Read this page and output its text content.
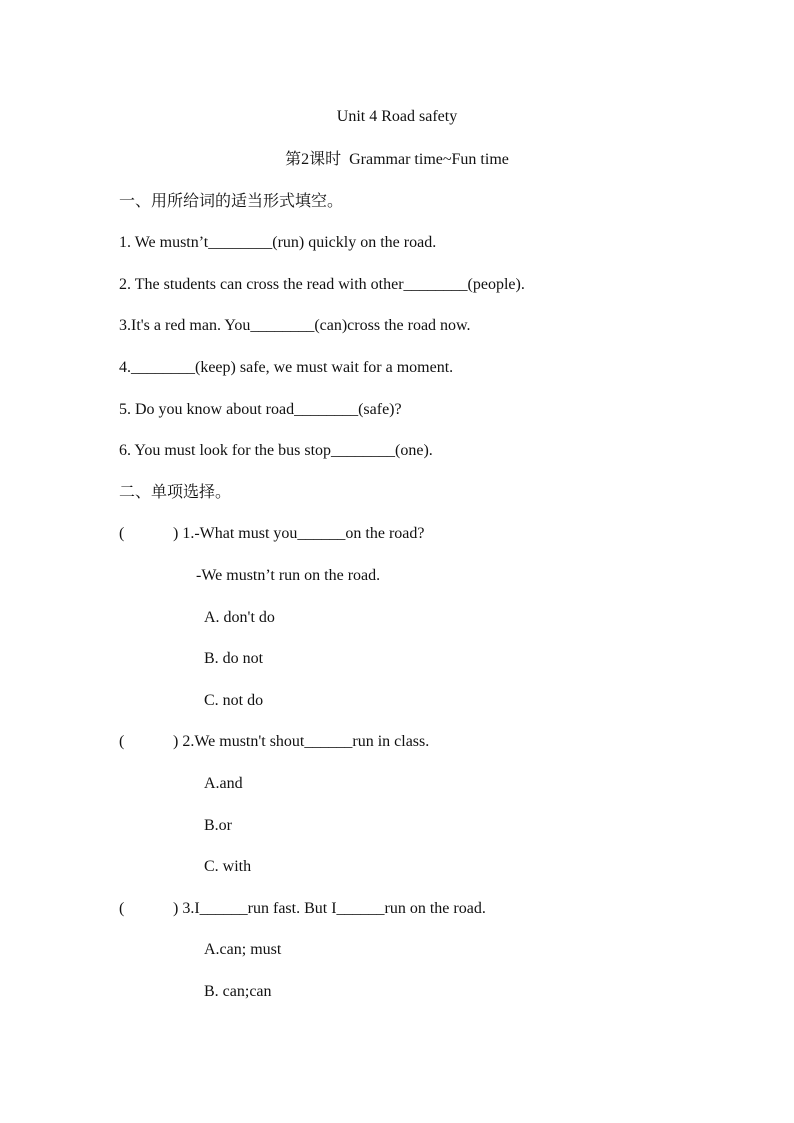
Unit 4 Road safety
第2课时  Grammar time~Fun time
一、用所给词的适当形式填空。
1. We mustn’t________(run) quickly on the road.
2. The students can cross the read with other________(people).
3.It's a red man. You________(can)cross the road now.
4.________(keep) safe, we must wait for a moment.
5. Do you know about road________(safe)?
6. You must look for the bus stop________(one).
二、单项选择。
(	) 1.-What must you______on the road?
-We mustn’t run on the road.
A. don't do
B. do not
C. not do
(	) 2.We mustn't shout______run in class.
A.and
B.or
C. with
(	) 3.I______run fast. But I______run on the road.
A.can; must
B. can;can
